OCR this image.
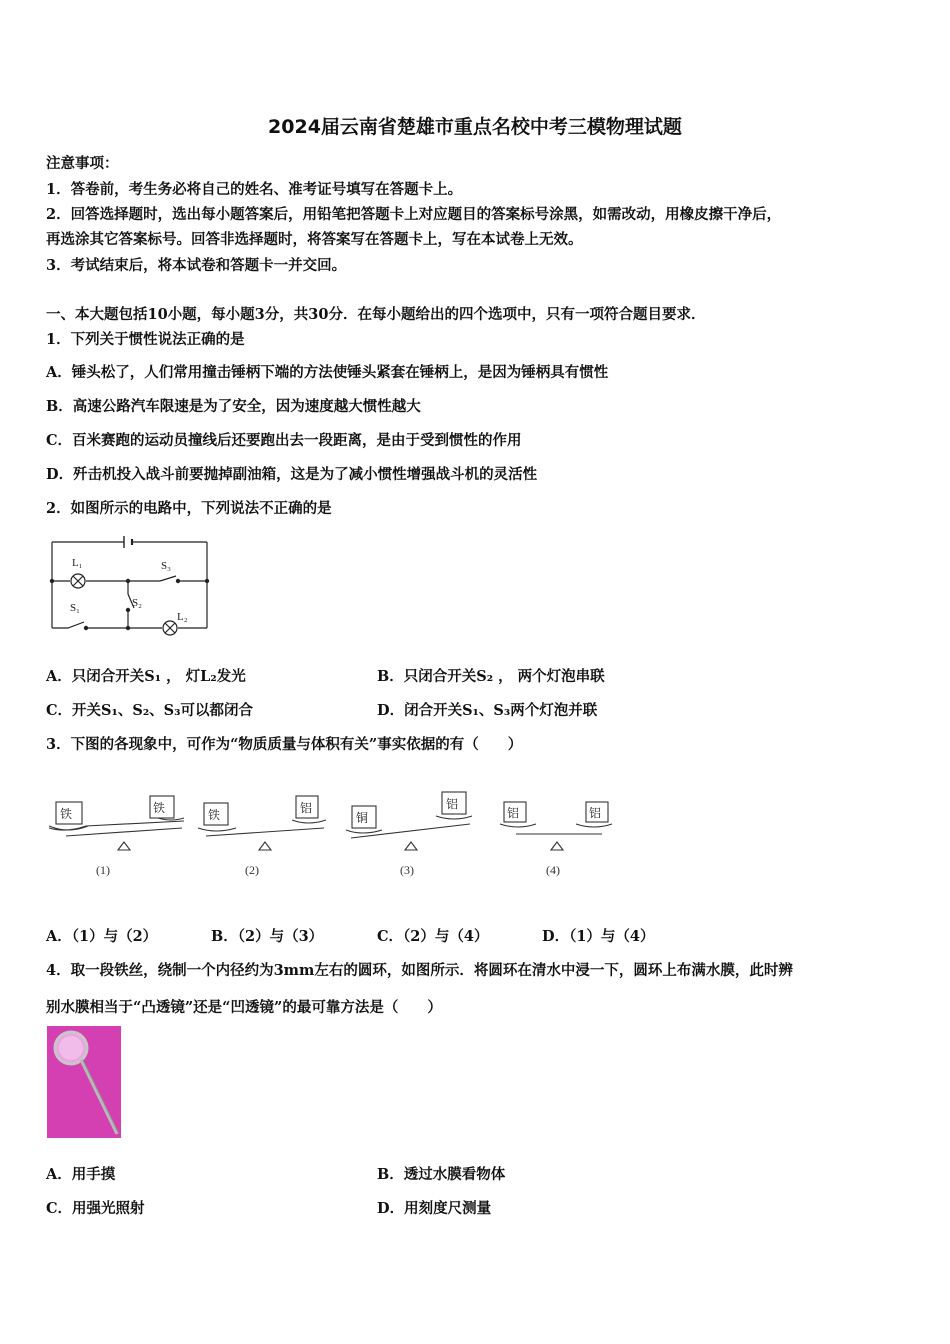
2024届云南省楚雄市重点名校中考三模物理试题
注意事项：
1．答卷前，考生务必将自己的姓名、准考证号填写在答题卡上。
2．回答选择题时，选出每小题答案后，用铅笔把答题卡上对应题目的答案标号涂黑，如需改动，用橡皮擦干净后，
再选涂其它答案标号。回答非选择题时，将答案写在答题卡上，写在本试卷上无效。
3．考试结束后，将本试卷和答题卡一并交回。
一、本大题包括10小题，每小题3分，共30分．在每小题给出的四个选项中，只有一项符合题目要求．
1．下列关于惯性说法正确的是
A．锤头松了，人们常用撞击锤柄下端的方法使锤头紧套在锤柄上，是因为锤柄具有惯性
B．高速公路汽车限速是为了安全，因为速度越大惯性越大
C．百米赛跑的运动员撞线后还要跑出去一段距离，是由于受到惯性的作用
D．歼击机投入战斗前要抛掉副油箱，这是为了减小惯性增强战斗机的灵活性
2．如图所示的电路中，下列说法不正确的是
L₁	S₃
S₁	S₂
L₂
A．只闭合开关S₁ ， 灯L₂发光	B．只闭合开关S₂ ， 两个灯泡串联
C．开关S₁、S₂、S₃可以都闭合	D．闭合开关S₁、S₃两个灯泡并联
3．下图的各现象中，可作为“物质质量与体积有关”事实依据的有（　　）
铁	铁	铁	铝
铜
铝
铝	铝
(1)	(2)	(3)	(4)
A．（1）与（2）	B．（2）与（3）	C．（2）与（4）	D．（1）与（4）
4．取一段铁丝，绕制一个内径约为3mm左右的圆环，如图所示．将圆环在清水中浸一下，圆环上布满水膜，此时辨
别水膜相当于“凸透镜”还是“凹透镜”的最可靠方法是（　　）
A．用手摸	B．透过水膜看物体
C．用强光照射	D．用刻度尺测量
